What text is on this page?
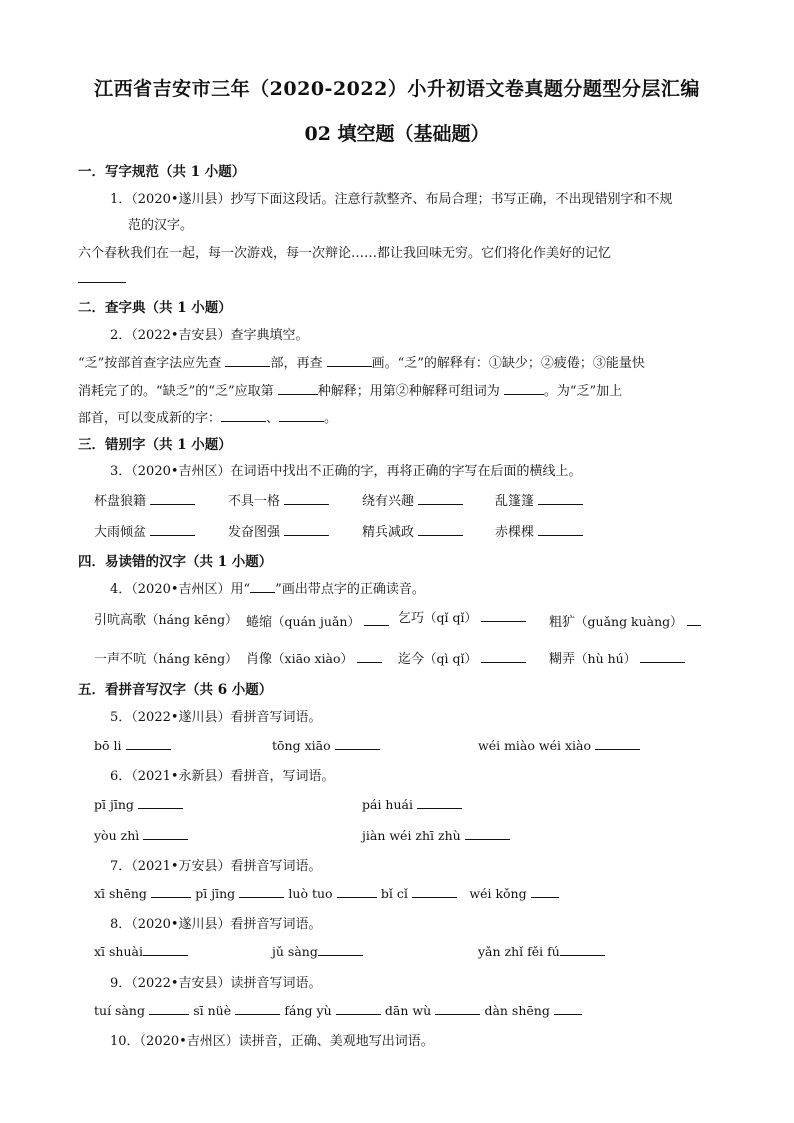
江西省吉安市三年（2020-2022）小升初语文卷真题分题型分层汇编
02 填空题（基础题）
一．写字规范（共 1 小题）
1．（2020•遂川县）抄写下面这段话。注意行款整齐、布局合理；书写正确，不出现错别字和不规
范的汉字。
六个春秋我们在一起，每一次游戏，每一次辩论……都让我回味无穷。它们将化作美好的记忆
二．查字典（共 1 小题）
2．（2022•吉安县）查字典填空。
“乏”按部首查字法应先查	部，再查	画。“乏”的解释有：①缺少；②疲倦；③能量快
消耗完了的。“缺乏”的“乏”应取第	种解释；用第②种解释可组词为	。为“乏”加上
部首，可以变成新的字：	、	。
三．错别字（共 1 小题）
3．（2020•吉州区）在词语中找出不正确的字，再将正确的字写在后面的横线上。
杯盘狼籍	不具一格	绕有兴趣	乱篷篷
大雨倾盆	发奋图强	精兵减政	赤棵棵
四．易读错的汉字（共 1 小题）
4．（2020•吉州区）用“ ”画出带点字的正确读音。
引吭高歌（háng kēng） 蜷缩（quán juǎn）	乞巧（qǐ qǐ）	粗犷（guǎng kuàng）
一声不吭（háng kēng） 肖像（xiāo xiào）	迄今（qì qǐ）	糊弄（hù hú）
五．看拼音写汉字（共 6 小题）
5．（2022•遂川县）看拼音写词语。
bō li	tōng xiāo	wéi miào wéi xiào
6．（2021•永新县）看拼音，写词语。
pī jīng	pái huái
yòu zhì	jiàn wéi zhī zhù
7．（2021•万安县）看拼音写词语。
xī shēng	pī jīng	luò tuo	bǐ cǐ	wéi kǒng
8．（2020•遂川县）看拼音写词语。
xī shuài	jǔ sàng	yǎn zhǐ fěi fú
9．（2022•吉安县）读拼音写词语。
tuí sàng	sī nüè	fáng yù	dān wù	dàn shēng
10．（2020•吉州区）读拼音，正确、美观地写出词语。
